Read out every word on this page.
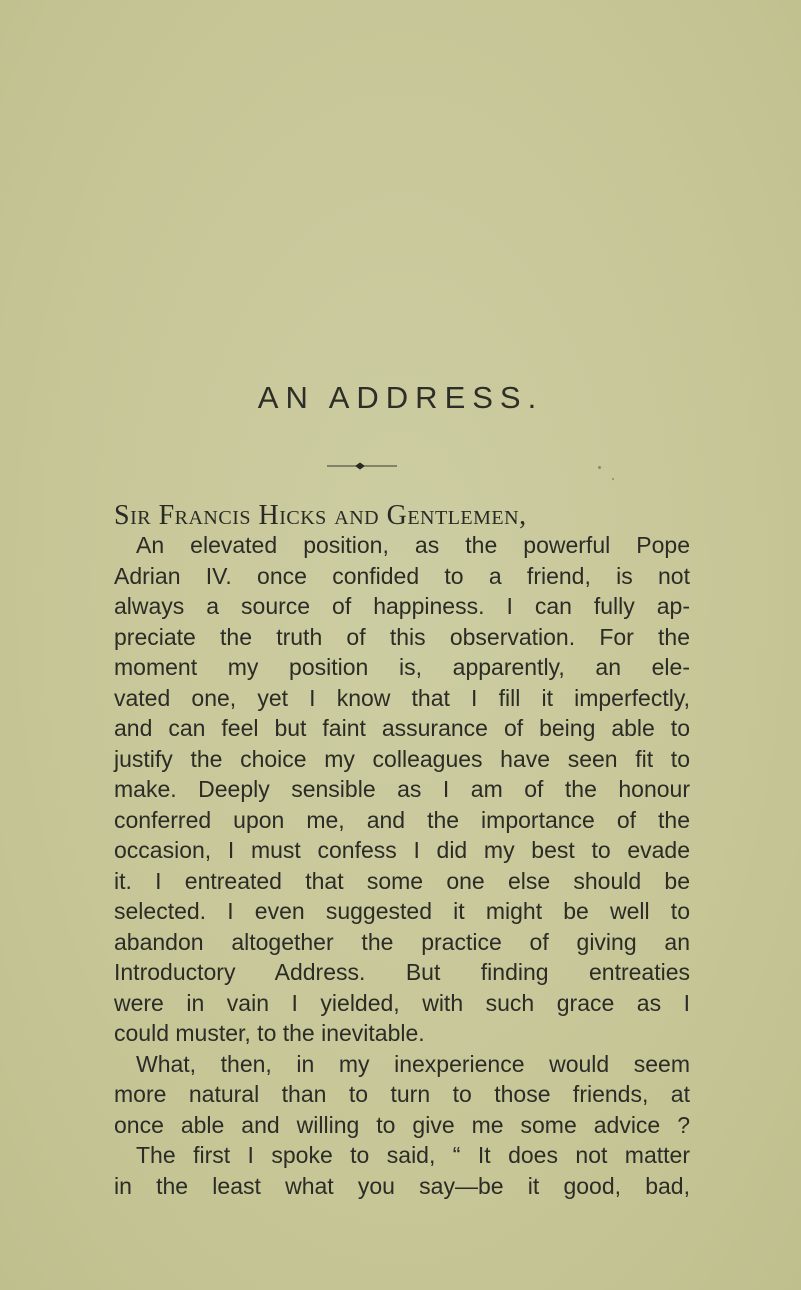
AN ADDRESS.
Sir Francis Hicks and Gentlemen,
An elevated position, as the powerful Pope
Adrian IV. once confided to a friend, is not
always a source of happiness. I can fully ap-
preciate the truth of this observation. For the
moment my position is, apparently, an ele-
vated one, yet I know that I fill it imperfectly,
and can feel but faint assurance of being able to
justify the choice my colleagues have seen fit to
make. Deeply sensible as I am of the honour
conferred upon me, and the importance of the
occasion, I must confess I did my best to evade
it. I entreated that some one else should be
selected. I even suggested it might be well to
abandon altogether the practice of giving an
Introductory Address. But finding entreaties
were in vain I yielded, with such grace as I
could muster, to the inevitable.
What, then, in my inexperience would seem
more natural than to turn to those friends, at
once able and willing to give me some advice ?
The first I spoke to said, “ It does not matter
in the least what you say—be it good, bad,
